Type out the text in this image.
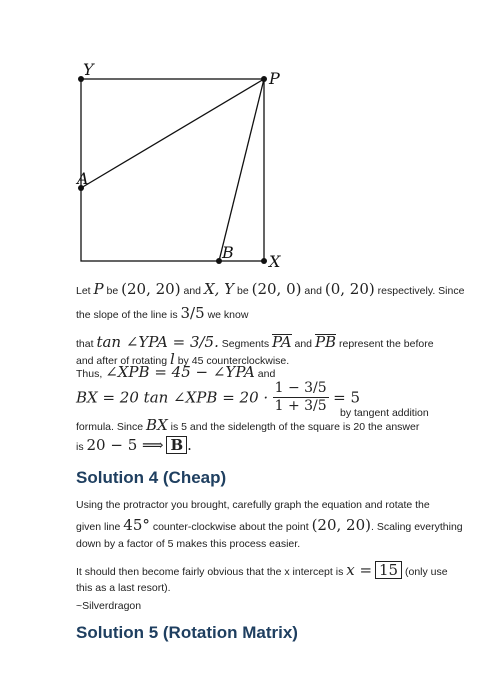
Y	P
A
B X
Let P be (20, 20) and X, Y be (20, 0) and (0, 20) respectively. Since
the slope of the line is 3/5 we know
that tan ∠YPA = 3/5. Segments PA and PB represent the before
and after of rotating l by 45 counterclockwise.
Thus, ∠XPB = 45 − ∠YPA and
BX = 20 tan ∠XPB = $20 \cdot \frac{1 - 3/5}{1 + 3/5} = 5$
by tangent addition
formula. Since BX is 5 and the sidelength of the square is 20 the answer
is 20 − 5 ⟹ B .
Solution 4 (Cheap)
Using the protractor you brought, carefully graph the equation and rotate the
given line 45° counter-clockwise about the point (20, 20). Scaling everything
down by a factor of 5 makes this process easier.
It should then become fairly obvious that the x intercept is x = 15 (only use
this as a last resort).
~Silverdragon
Solution 5 (Rotation Matrix)
